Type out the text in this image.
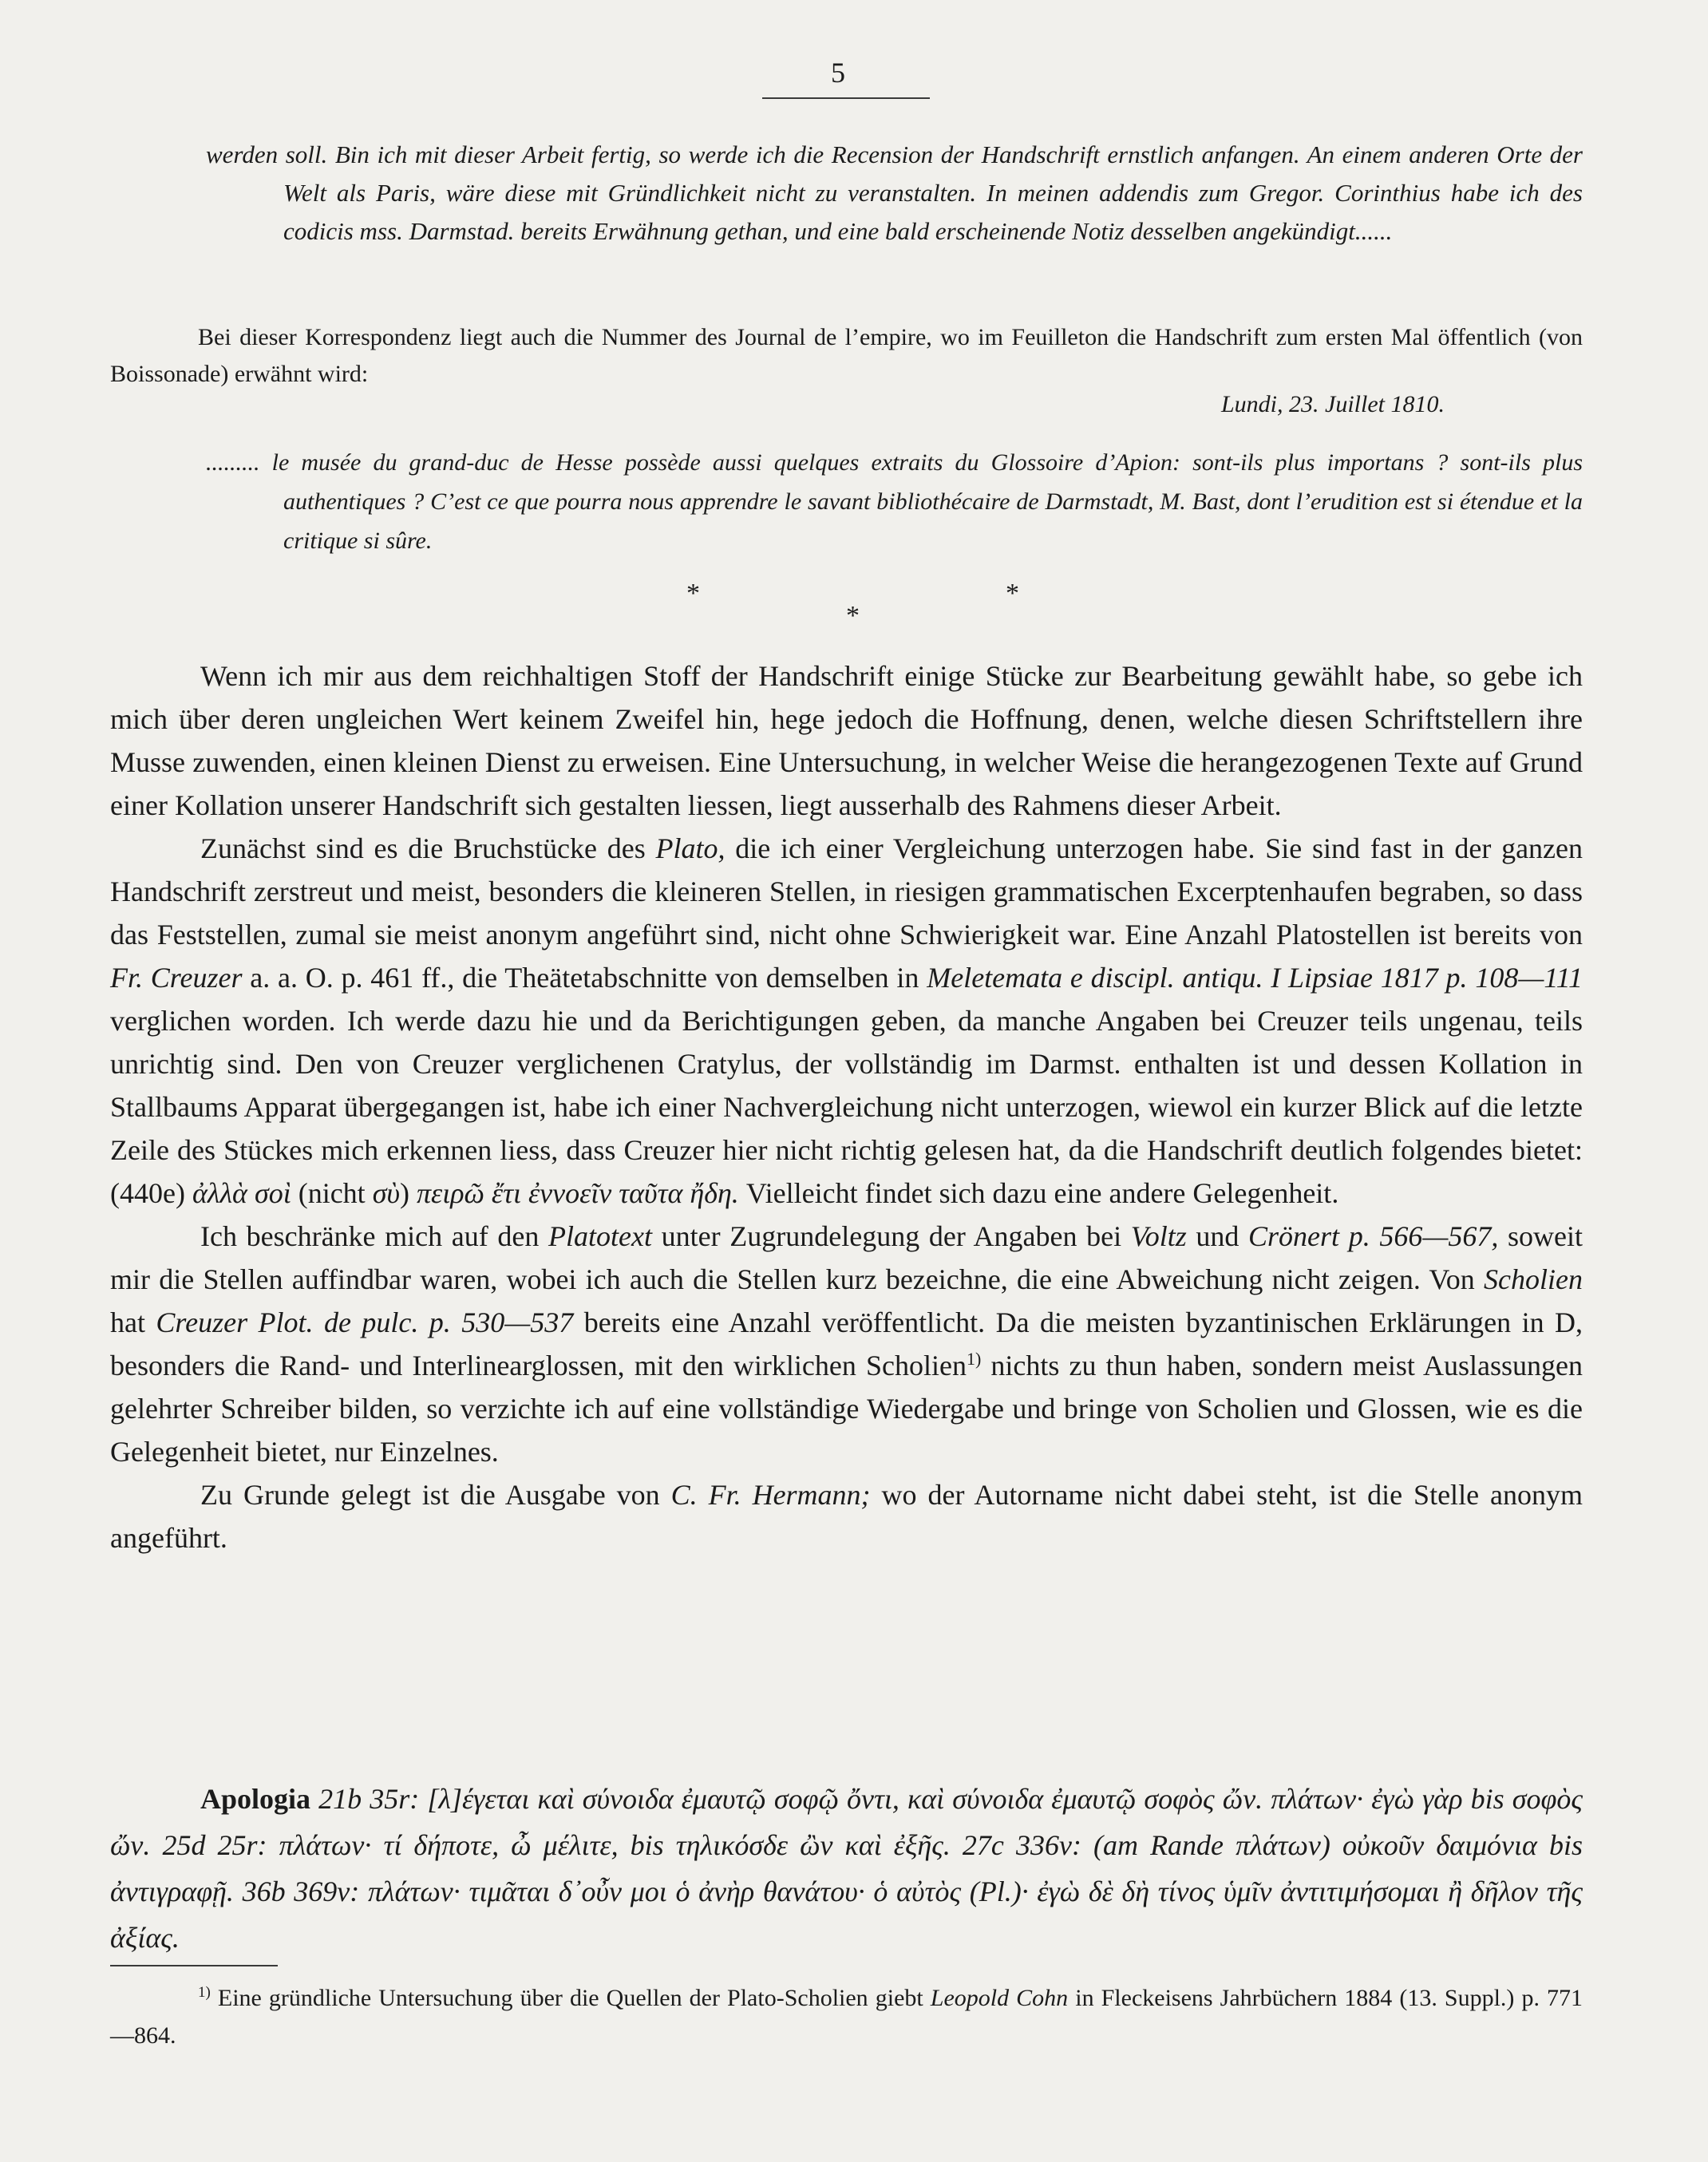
5

werden soll. Bin ich mit dieser Arbeit fertig, so werde ich die Recension der Handschrift ernstlich anfangen. An einem anderen Orte der Welt als Paris, wäre diese mit Gründlichkeit nicht zu veranstalten. In meinen addendis zum Gregor. Corinthius habe ich des codicis mss. Darmstad. bereits Erwähnung gethan, und eine bald erscheinende Notiz desselben angekündigt......

Bei dieser Korrespondenz liegt auch die Nummer des Journal de l’empire, wo im Feuilleton die Handschrift zum ersten Mal öffentlich (von Boissonade) erwähnt wird:

Lundi, 23. Juillet 1810.

......... le musée du grand-duc de Hesse possède aussi quelques extraits du Glossoire d’Apion: sont-ils plus importans ? sont-ils plus authentiques ? C’est ce que pourra nous apprendre le savant bibliothécaire de Darmstadt, M. Bast, dont l’erudition est si étendue et la critique si sûre.

*	*
*

Wenn ich mir aus dem reichhaltigen Stoff der Handschrift einige Stücke zur Bearbeitung gewählt habe, so gebe ich mich über deren ungleichen Wert keinem Zweifel hin, hege jedoch die Hoffnung, denen, welche diesen Schriftstellern ihre Musse zuwenden, einen kleinen Dienst zu erweisen. Eine Untersuchung, in welcher Weise die herangezogenen Texte auf Grund einer Kollation unserer Handschrift sich gestalten liessen, liegt ausserhalb des Rahmens dieser Arbeit.

Zunächst sind es die Bruchstücke des Plato, die ich einer Vergleichung unterzogen habe. Sie sind fast in der ganzen Handschrift zerstreut und meist, besonders die kleineren Stellen, in riesigen grammatischen Excerptenhaufen begraben, so dass das Feststellen, zumal sie meist anonym angeführt sind, nicht ohne Schwierigkeit war. Eine Anzahl Platostellen ist bereits von Fr. Creuzer a. a. O. p. 461 ff., die Theätetabschnitte von demselben in Meletemata e discipl. antiqu. I Lipsiae 1817 p. 108—111 verglichen worden. Ich werde dazu hie und da Berichtigungen geben, da manche Angaben bei Creuzer teils ungenau, teils unrichtig sind. Den von Creuzer verglichenen Cratylus, der vollständig im Darmst. enthalten ist und dessen Kollation in Stallbaums Apparat übergegangen ist, habe ich einer Nachvergleichung nicht unterzogen, wiewol ein kurzer Blick auf die letzte Zeile des Stückes mich erkennen liess, dass Creuzer hier nicht richtig gelesen hat, da die Handschrift deutlich folgendes bietet: (440e) ἀλλὰ σοὶ (nicht σὺ) πειρῶ ἔτι ἐννοεῖν ταῦτα ἤδη. Vielleicht findet sich dazu eine andere Gelegenheit.

Ich beschränke mich auf den Platotext unter Zugrundelegung der Angaben bei Voltz und Crönert p. 566—567, soweit mir die Stellen auffindbar waren, wobei ich auch die Stellen kurz bezeichne, die eine Abweichung nicht zeigen. Von Scholien hat Creuzer Plot. de pulc. p. 530—537 bereits eine Anzahl veröffentlicht. Da die meisten byzantinischen Erklärungen in D, besonders die Rand- und Interlinearglossen, mit den wirklichen Scholien$^{1)}$ nichts zu thun haben, sondern meist Auslassungen gelehrter Schreiber bilden, so verzichte ich auf eine vollständige Wiedergabe und bringe von Scholien und Glossen, wie es die Gelegenheit bietet, nur Einzelnes.

Zu Grunde gelegt ist die Ausgabe von C. Fr. Hermann; wo der Autorname nicht dabei steht, ist die Stelle anonym angeführt.

Apologia 21b 35r: [λ]έγεται καὶ σύνοιδα ἐμαυτῷ σοφῷ ὄντι, καὶ σύνοιδα ἐμαυτῷ σοφὸς ὤν. πλάτων· ἐγὼ γὰρ bis σοφὸς ὤν. 25d 25r: πλάτων· τί δήποτε, ὦ μέλιτε, bis τηλικόσδε ὢν καὶ ἐξῆς. 27c 336v: (am Rande πλάτων) οὐκοῦν δαιμόνια bis ἀντιγραφῇ. 36b 369v: πλάτων· τιμᾶται δ᾽οὖν μοι ὁ ἀνὴρ θανάτου· ὁ αὐτὸς (Pl.)· ἐγὼ δὲ δὴ τίνος ὑμῖν ἀντιτιμήσομαι ἢ δῆλον τῆς ἀξίας.

$^{1)}$ Eine gründliche Untersuchung über die Quellen der Plato-Scholien giebt Leopold Cohn in Fleckeisens Jahrbüchern 1884 (13. Suppl.) p. 771—864.
